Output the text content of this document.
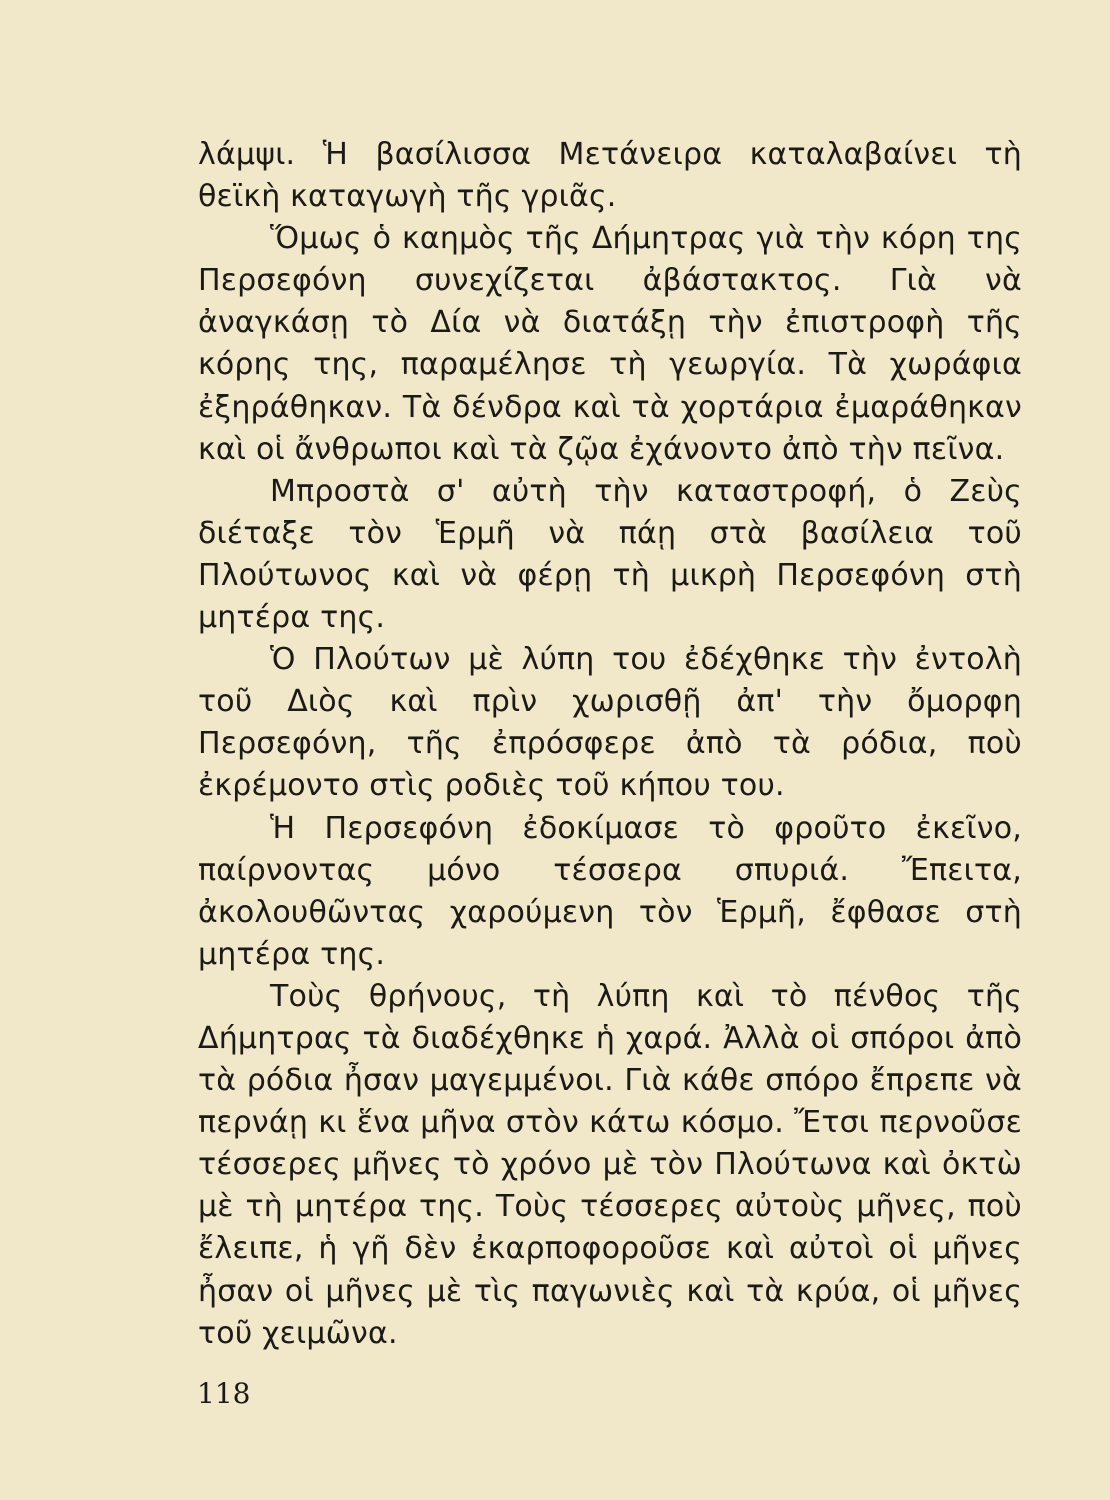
λάμψι. Ἡ βασίλισσα Μετάνειρα καταλαβαίνει τὴ θεϊκὴ καταγωγὴ τῆς γριᾶς.

Ὅμως ὁ καημὸς τῆς Δήμητρας γιὰ τὴν κόρη της Περσεφόνη συνεχίζεται ἀβάστακτος. Γιὰ νὰ ἀναγκάσῃ τὸ Δία νὰ διατάξῃ τὴν ἐπιστροφὴ τῆς κόρης της, παραμέλησε τὴ γεωργία. Τὰ χωράφια ἐξηράθηκαν. Τὰ δένδρα καὶ τὰ χορτάρια ἐμαράθηκαν καὶ οἱ ἄνθρωποι καὶ τὰ ζῷα ἐχάνοντο ἀπὸ τὴν πεῖνα.

Μπροστὰ σ' αὐτὴ τὴν καταστροφή, ὁ Ζεὺς διέταξε τὸν Ἑρμῆ νὰ πάῃ στὰ βασίλεια τοῦ Πλούτωνος καὶ νὰ φέρῃ τὴ μικρὴ Περσεφόνη στὴ μητέρα της.

Ὁ Πλούτων μὲ λύπη του ἐδέχθηκε τὴν ἐντολὴ τοῦ Διὸς καὶ πρὶν χωρισθῇ ἀπ' τὴν ὄμορφη Περσεφόνη, τῆς ἐπρόσφερε ἀπὸ τὰ ρόδια, ποὺ ἐκρέμοντο στὶς ροδιὲς τοῦ κήπου του.

Ἡ Περσεφόνη ἐδοκίμασε τὸ φροῦτο ἐκεῖνο, παίρνοντας μόνο τέσσερα σπυριά. Ἔπειτα, ἀκολουθῶντας χαρούμενη τὸν Ἑρμῆ, ἔφθασε στὴ μητέρα της.

Τοὺς θρήνους, τὴ λύπη καὶ τὸ πένθος τῆς Δήμητρας τὰ διαδέχθηκε ἡ χαρά. Ἀλλὰ οἱ σπόροι ἀπὸ τὰ ρόδια ἦσαν μαγεμμένοι. Γιὰ κάθε σπόρο ἔπρεπε νὰ περνάῃ κι ἕνα μῆνα στὸν κάτω κόσμο. Ἔτσι περνοῦσε τέσσερες μῆνες τὸ χρόνο μὲ τὸν Πλούτωνα καὶ ὀκτὼ μὲ τὴ μητέρα της. Τοὺς τέσσερες αὐτοὺς μῆνες, ποὺ ἔλειπε, ἡ γῆ δὲν ἐκαρποφοροῦσε καὶ αὐτοὶ οἱ μῆνες ἦσαν οἱ μῆνες μὲ τὶς παγωνιὲς καὶ τὰ κρύα, οἱ μῆνες τοῦ χειμῶνα.

118
